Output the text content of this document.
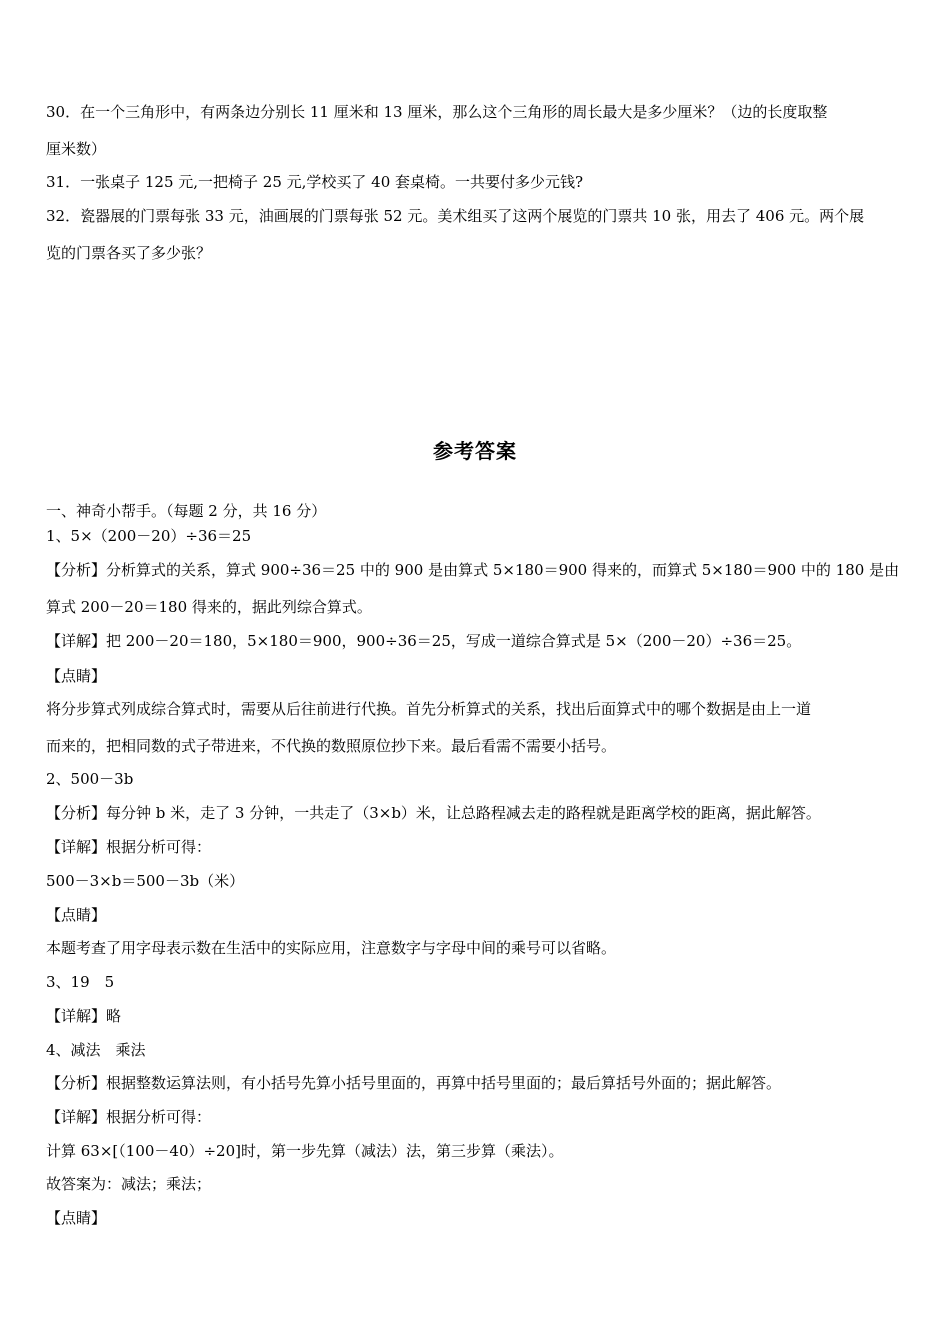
30．在一个三角形中，有两条边分别长 11 厘米和 13 厘米，那么这个三角形的周长最大是多少厘米？（边的长度取整
厘米数）
31．一张桌子 125 元,一把椅子 25 元,学校买了 40 套桌椅。一共要付多少元钱?
32．瓷器展的门票每张 33 元，油画展的门票每张 52 元。美术组买了这两个展览的门票共 10 张，用去了 406 元。两个展
览的门票各买了多少张？
参考答案
一、神奇小帮手。（每题 2 分，共 16 分）
1、5×（200－20）÷36＝25
【分析】分析算式的关系，算式 900÷36＝25 中的 900 是由算式 5×180＝900 得来的，而算式 5×180＝900 中的 180 是由
算式 200－20＝180 得来的，据此列综合算式。
【详解】把 200－20＝180，5×180＝900，900÷36＝25，写成一道综合算式是 5×（200－20）÷36＝25。
【点睛】
将分步算式列成综合算式时，需要从后往前进行代换。首先分析算式的关系，找出后面算式中的哪个数据是由上一道
而来的，把相同数的式子带进来，不代换的数照原位抄下来。最后看需不需要小括号。
2、500－3b
【分析】每分钟 b 米，走了 3 分钟，一共走了（3×b）米，让总路程减去走的路程就是距离学校的距离，据此解答。
【详解】根据分析可得：
500－3×b＝500－3b（米）
【点睛】
本题考查了用字母表示数在生活中的实际应用，注意数字与字母中间的乘号可以省略。
3、19　5
【详解】略
4、减法　乘法
【分析】根据整数运算法则，有小括号先算小括号里面的，再算中括号里面的；最后算括号外面的；据此解答。
【详解】根据分析可得：
计算 63×[（100－40）÷20]时，第一步先算（减法）法，第三步算（乘法）。
故答案为：减法；乘法；
【点睛】
